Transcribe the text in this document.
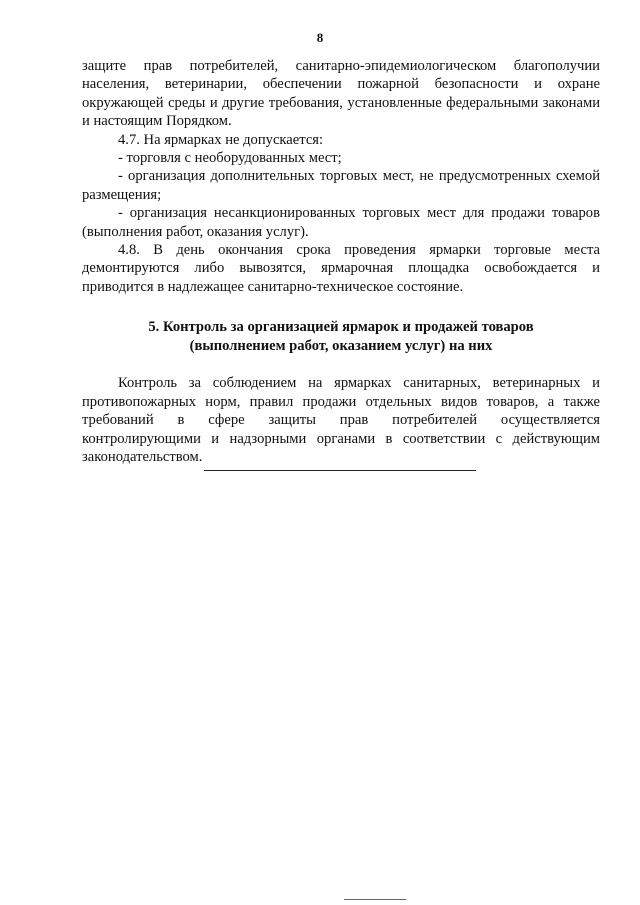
8

защите прав потребителей, санитарно-эпидемиологическом благополучии населения, ветеринарии, обеспечении пожарной безопасности и охране окружающей среды и другие требования, установленные федеральными законами и настоящим Порядком.

4.7. На ярмарках не допускается:

- торговля с необорудованных мест;

- организация дополнительных торговых мест, не предусмотренных схемой размещения;

- организация несанкционированных торговых мест для продажи товаров (выполнения работ, оказания услуг).

4.8. В день окончания срока проведения ярмарки торговые места демонтируются либо вывозятся, ярмарочная площадка освобождается и приводится в надлежащее санитарно-техническое состояние.

5. Контроль за организацией ярмарок и продажей товаров
(выполнением работ, оказанием услуг) на них

Контроль за соблюдением на ярмарках санитарных, ветеринарных и противопожарных норм, правил продажи отдельных видов товаров, а также требований в сфере защиты прав потребителей осуществляется контролирующими и надзорными органами в соответствии с действующим законодательством.
